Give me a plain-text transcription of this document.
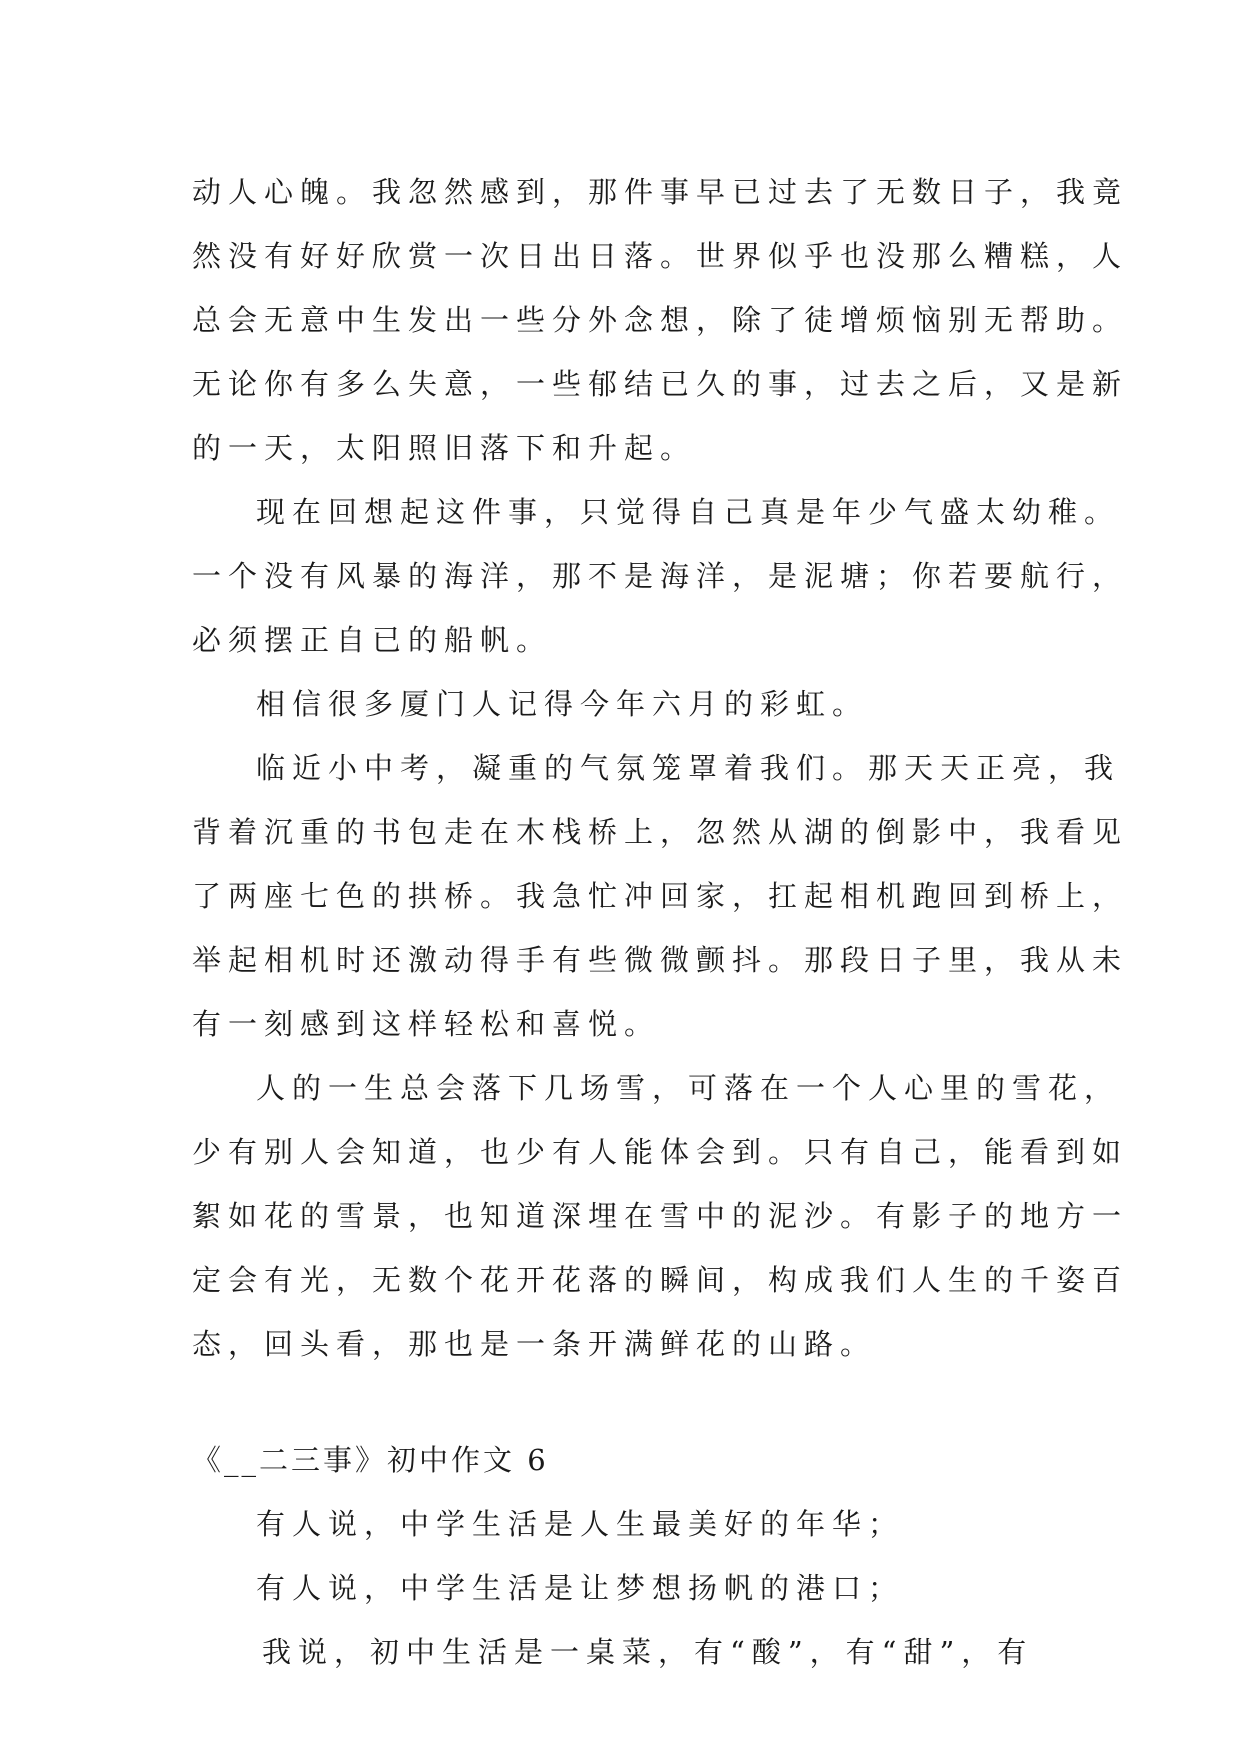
动人心魄。我忽然感到，那件事早已过去了无数日子，我竟
然没有好好欣赏一次日出日落。世界似乎也没那么糟糕，人
总会无意中生发出一些分外念想，除了徒增烦恼别无帮助。
无论你有多么失意，一些郁结已久的事，过去之后，又是新
的一天，太阳照旧落下和升起。
现在回想起这件事，只觉得自己真是年少气盛太幼稚。
一个没有风暴的海洋，那不是海洋，是泥塘；你若要航行，
必须摆正自已的船帆。
相信很多厦门人记得今年六月的彩虹。
临近小中考，凝重的气氛笼罩着我们。那天天正亮，我
背着沉重的书包走在木栈桥上，忽然从湖的倒影中，我看见
了两座七色的拱桥。我急忙冲回家，扛起相机跑回到桥上，
举起相机时还激动得手有些微微颤抖。那段日子里，我从未
有一刻感到这样轻松和喜悦。
人的一生总会落下几场雪，可落在一个人心里的雪花，
少有别人会知道，也少有人能体会到。只有自己，能看到如
絮如花的雪景，也知道深埋在雪中的泥沙。有影子的地方一
定会有光，无数个花开花落的瞬间，构成我们人生的千姿百
态，回头看，那也是一条开满鲜花的山路。
《__二三事》初中作文 6
有人说，中学生活是人生最美好的年华；
有人说，中学生活是让梦想扬帆的港口；
我说，初中生活是一桌菜，有“酸”，有“甜”，有
